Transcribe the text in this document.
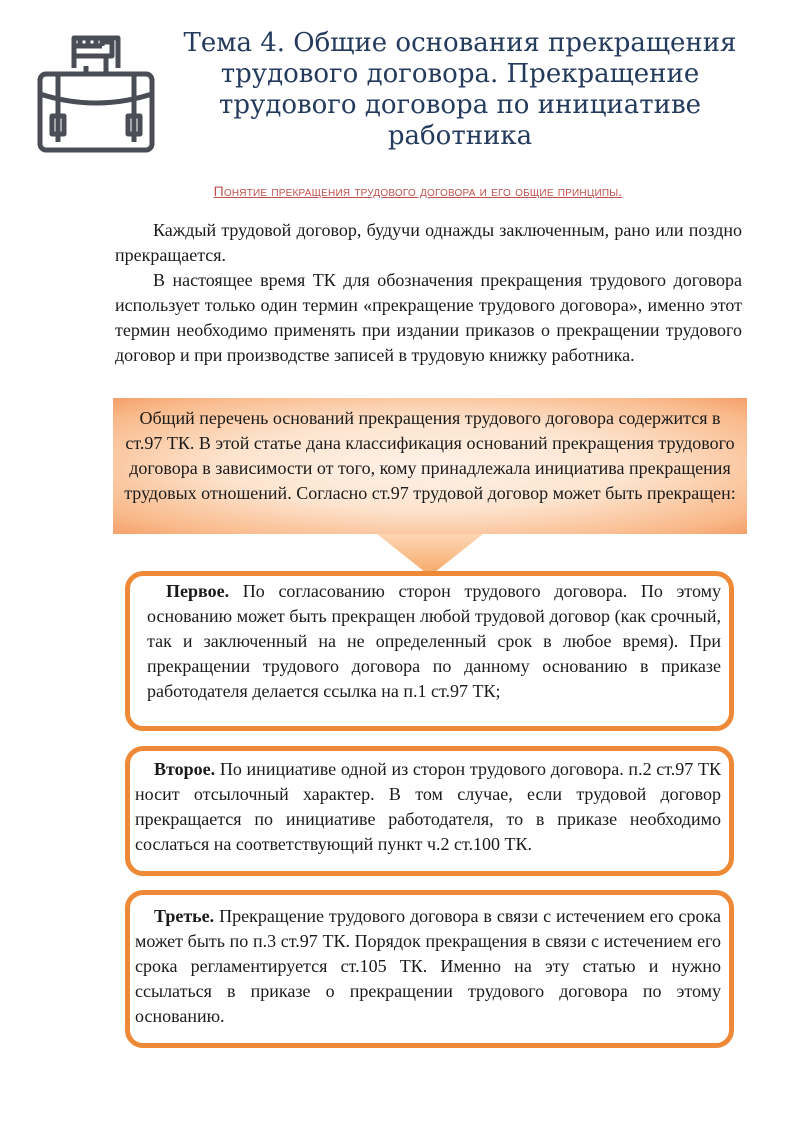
Тема 4. Общие основания прекращения трудового договора. Прекращение трудового договора по инициативе работника
Понятие прекращения трудового договора и его общие принципы.

Каждый трудовой договор, будучи однажды заключенным, рано или поздно прекращается.

В настоящее время ТК для обозначения прекращения трудового договора использует только один термин «прекращение трудового договора», именно этот термин необходимо применять при издании приказов о прекращении трудового договор и при производстве записей в трудовую книжку работника.

Общий перечень оснований прекращения трудового договора содержится в ст.97 ТК. В этой статье дана классификация оснований прекращения трудового договора в зависимости от того, кому принадлежала инициатива прекращения трудовых отношений. Согласно ст.97 трудовой договор может быть прекращен:

Первое. По согласованию сторон трудового договора. По этому основанию может быть прекращен любой трудовой договор (как срочный, так и заключенный на не определенный срок в любое время). При прекращении трудового договора по данному основанию в приказе работодателя делается ссылка на п.1 ст.97 ТК;

Второе. По инициативе одной из сторон трудового договора. п.2 ст.97 ТК носит отсылочный характер. В том случае, если трудовой договор прекращается по инициативе работодателя, то в приказе необходимо сослаться на соответствующий пункт ч.2 ст.100 ТК.

Третье. Прекращение трудового договора в связи с истечением его срока может быть по п.3 ст.97 ТК. Порядок прекращения в связи с истечением его срока регламентируется ст.105 ТК. Именно на эту статью и нужно ссылаться в приказе о прекращении трудового договора по этому основанию.
